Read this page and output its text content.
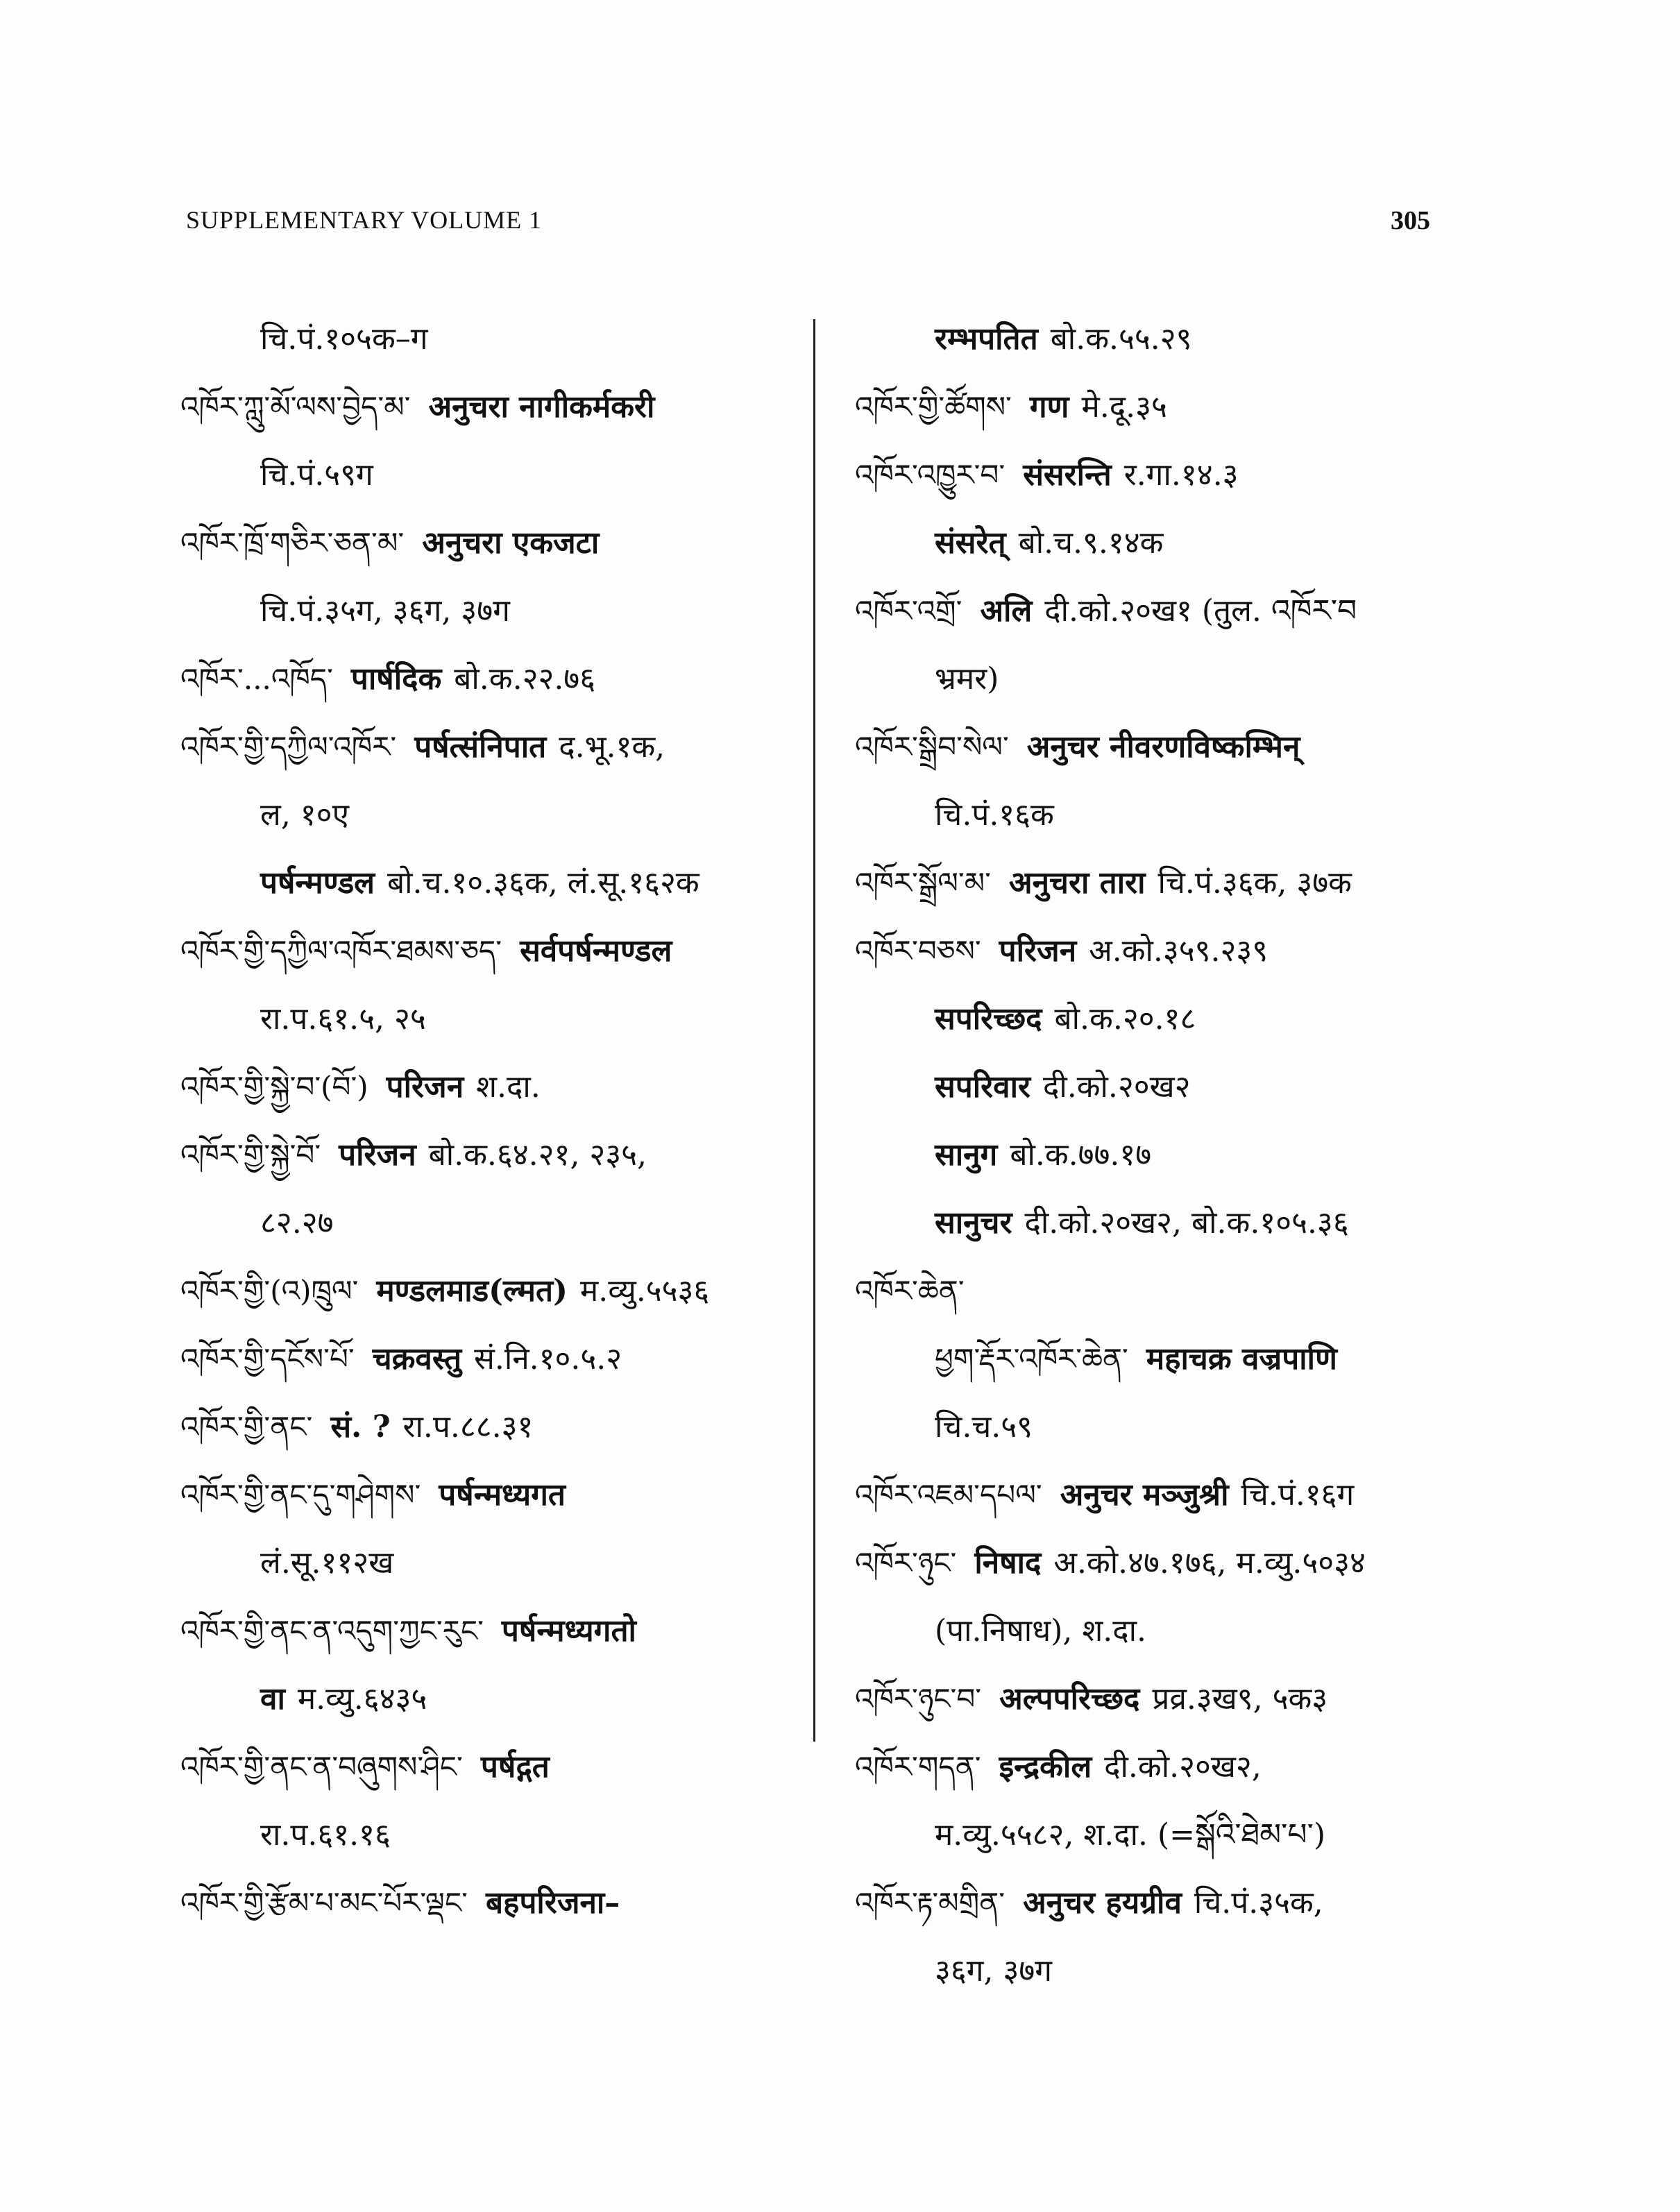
SUPPLEMENTARY VOLUME 1	305
चि.पं.१०५क–ग
འཁོར་ཀླུ་མོ་ལས་བྱེད་མ་ अनुचरा नागीकर्मकरी
चि.पं.५९ग
འཁོར་ཁྲོ་གཅིར་ཅན་མ་ अनुचरा एकजटा
चि.पं.३५ग, ३६ग, ३७ग
འཁོར་...འཁོད་ पार्षदिक बो.क.२२.७६
འཁོར་གྱི་དཀྱིལ་འཁོར་ पर्षत्संनिपात द.भू.१क,
ल, १०ए
पर्षन्मण्डल बो.च.१०.३६क, लं.सू.१६२क
འཁོར་གྱི་དཀྱིལ་འཁོར་ཐམས་ཅད་ सर्वपर्षन्मण्डल
रा.प.६१.५, २५
འཁོར་གྱི་སྐྱེ་བ་(བོ་) परिजन श.दा.
འཁོར་གྱི་སྐྱེ་བོ་ परिजन बो.क.६४.२१, २३५,
८२.२७
འཁོར་གྱི་(འ)ཁྲུལ་ मण्डलमाड(ल्मत) म.व्यु.५५३६
འཁོར་གྱི་དངོས་པོ་ चक्रवस्तु सं.नि.१०.५.२
འཁོར་གྱི་ནང་ सं. ? रा.प.८८.३१
འཁོར་གྱི་ནང་དུ་གཤེགས་ पर्षन्मध्यगत
लं.सू.११२ख
འཁོར་གྱི་ནང་ན་འདུག་ཀྱང་རུང་ पर्षन्मध्यगतो
वा म.व्यु.६४३५
འཁོར་གྱི་ནང་ན་བཞུགས་ཤིང་ पर्षद्गत
रा.प.६१.१६
འཁོར་གྱི་རྩོམ་པ་མང་པོར་ལྡང་ बहपरिजना–
रम्भपतित बो.क.५५.२९
འཁོར་གྱི་ཚོགས་ गण मे.दू.३५
འཁོར་འཁྱུར་བ་ संसरन्ति र.गा.१४.३
संसरेत् बो.च.९.१४क
འཁོར་འགྲོ་ अलि दी.को.२०ख१ (तुल. འཁོར་བ
भ्रमर)
འཁོར་སྒྲིབ་སེལ་ अनुचर नीवरणविष्कम्भिन्
चि.पं.१६क
འཁོར་སྒྲོལ་མ་ अनुचरा तारा चि.पं.३६क, ३७क
འཁོར་བཅས་ परिजन अ.को.३५९.२३९
सपरिच्छद बो.क.२०.१८
सपरिवार दी.को.२०ख२
सानुग बो.क.७७.१७
सानुचर दी.को.२०ख२, बो.क.१०५.३६
འཁོར་ཆེན་
ཕྱག་རྡོར་འཁོར་ཆེན་ महाचक्र वज्रपाणि
चि.च.५९
འཁོར་འཇམ་དཔལ་ अनुचर मञ्जुश्री चि.पं.१६ग
འཁོར་ཉུང་ निषाद अ.को.४७.१७६, म.व्यु.५०३४
(पा.निषाध), श.दा.
འཁོར་ཉུང་བ་ अल्पपरिच्छद प्रव्र.३ख९, ५क३
འཁོར་གདན་ इन्द्रकील दी.को.२०ख२,
म.व्यु.५५८२, श.दा. (=སྒོའི་ཐེམ་པ་)
འཁོར་རྟ་མགྲིན་ अनुचर हयग्रीव चि.पं.३५क,
३६ग, ३७ग
